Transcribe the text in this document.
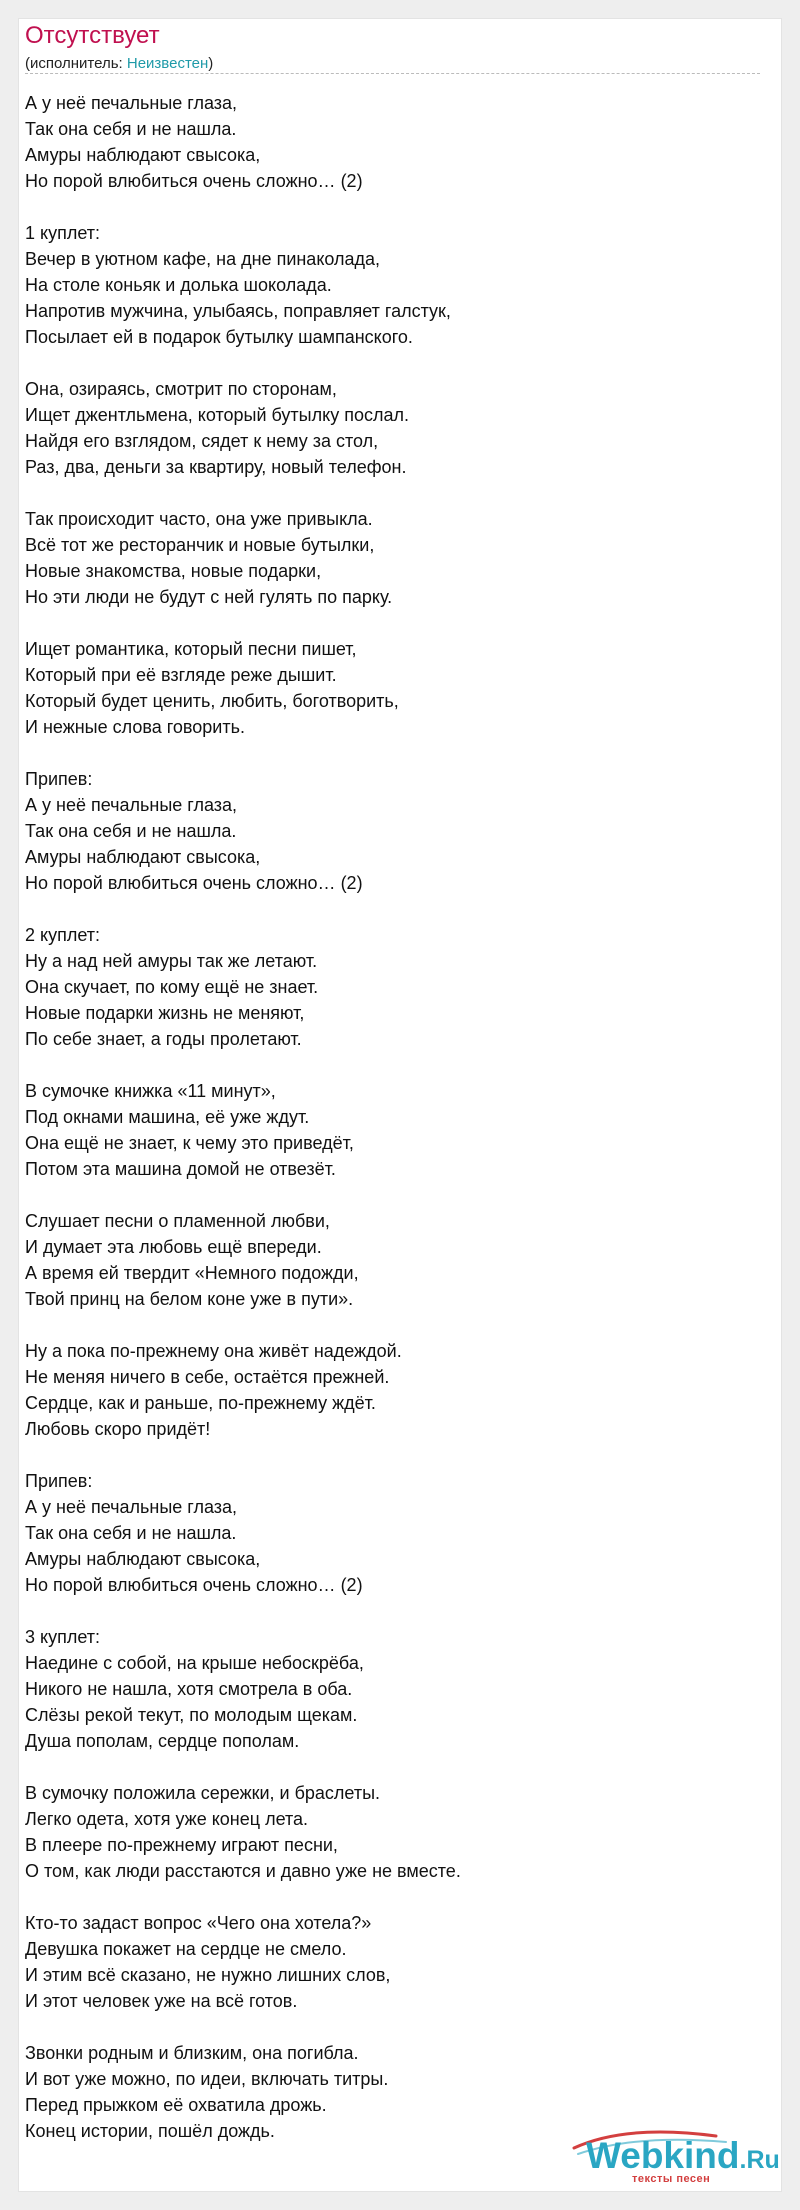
Отсутствует
(исполнитель: Неизвестен)
А у неё печальные глаза,
Так она себя и не нашла.
Амуры наблюдают свысока,
Но порой влюбиться очень сложно… (2)
1 куплет:
Вечер в уютном кафе, на дне пинаколада,
На столе коньяк и долька шоколада.
Напротив мужчина, улыбаясь, поправляет галстук,
Посылает ей в подарок бутылку шампанского.
Она, озираясь, смотрит по сторонам,
Ищет джентльмена, который бутылку послал.
Найдя его взглядом, сядет к нему за стол,
Раз, два, деньги за квартиру, новый телефон.
Так происходит часто, она уже привыкла.
Всё тот же ресторанчик и новые бутылки,
Новые знакомства, новые подарки,
Но эти люди не будут с ней гулять по парку.
Ищет романтика, который песни пишет,
Который при её взгляде реже дышит.
Который будет ценить, любить, боготворить,
И нежные слова говорить.
Припев:
А у неё печальные глаза,
Так она себя и не нашла.
Амуры наблюдают свысока,
Но порой влюбиться очень сложно… (2)
2 куплет:
Ну а над ней амуры так же летают.
Она скучает, по кому ещё не знает.
Новые подарки жизнь не меняют,
По себе знает, а годы пролетают.
В сумочке книжка «11 минут»,
Под окнами машина, её уже ждут.
Она ещё не знает, к чему это приведёт,
Потом эта машина домой не отвезёт.
Слушает песни о пламенной любви,
И думает эта любовь ещё впереди.
А время ей твердит «Немного подожди,
Твой принц на белом коне уже в пути».
Ну а пока по-прежнему она живёт надеждой.
Не меняя ничего в себе, остаётся прежней.
Сердце, как и раньше, по-прежнему ждёт.
Любовь скоро придёт!
Припев:
А у неё печальные глаза,
Так она себя и не нашла.
Амуры наблюдают свысока,
Но порой влюбиться очень сложно… (2)
3 куплет:
Наедине с собой, на крыше небоскрёба,
Никого не нашла, хотя смотрела в оба.
Слёзы рекой текут, по молодым щекам.
Душа пополам, сердце пополам.
В сумочку положила сережки, и браслеты.
Легко одета, хотя уже конец лета.
В плеере по-прежнему играют песни,
О том, как люди расстаются и давно уже не вместе.
Кто-то задаст вопрос «Чего она хотела?»
Девушка покажет на сердце не смело.
И этим всё сказано, не нужно лишних слов,
И этот человек уже на всё готов.
Звонки родным и близким, она погибла.
И вот уже можно, по идеи, включать титры.
Перед прыжком её охватила дрожь.
Конец истории, пошёл дождь.
Webkind.Ru
тексты песен
